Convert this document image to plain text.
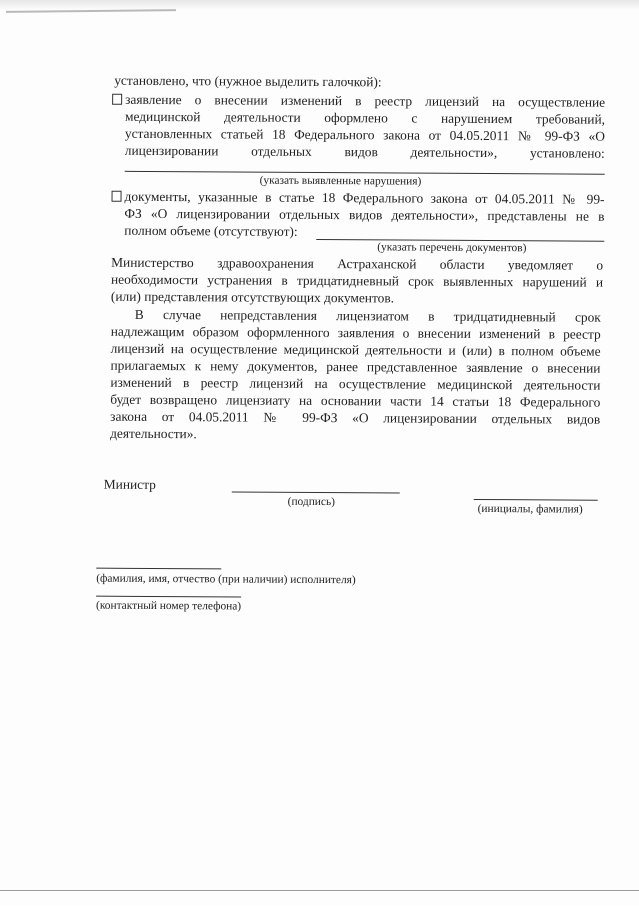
установлено, что (нужное выделить галочкой):
заявление о внесении изменений в реестр лицензий на осуществление
медицинской деятельности оформлено с нарушением требований,
установленных статьей 18 Федерального закона от 04.05.2011 № 99-ФЗ «О
лицензировании отдельных видов деятельности», установлено:
(указать выявленные нарушения)
документы, указанные в статье 18 Федерального закона от 04.05.2011 № 99-
ФЗ «О лицензировании отдельных видов деятельности», представлены не в
полном объеме (отсутствуют):
(указать перечень документов)
Министерство здравоохранения Астраханской области уведомляет о
необходимости устранения в тридцатидневный срок выявленных нарушений и
(или) представления отсутствующих документов.
В случае непредставления лицензиатом в тридцатидневный срок
надлежащим образом оформленного заявления о внесении изменений в реестр
лицензий на осуществление медицинской деятельности и (или) в полном объеме
прилагаемых к нему документов, ранее представленное заявление о внесении
изменений в реестр лицензий на осуществление медицинской деятельности
будет возвращено лицензиату на основании части 14 статьи 18 Федерального
закона от 04.05.2011 № 99-ФЗ «О лицензировании отдельных видов
деятельности».
Министр
(подпись)
(инициалы, фамилия)
(фамилия, имя, отчество (при наличии) исполнителя)
(контактный номер телефона)
